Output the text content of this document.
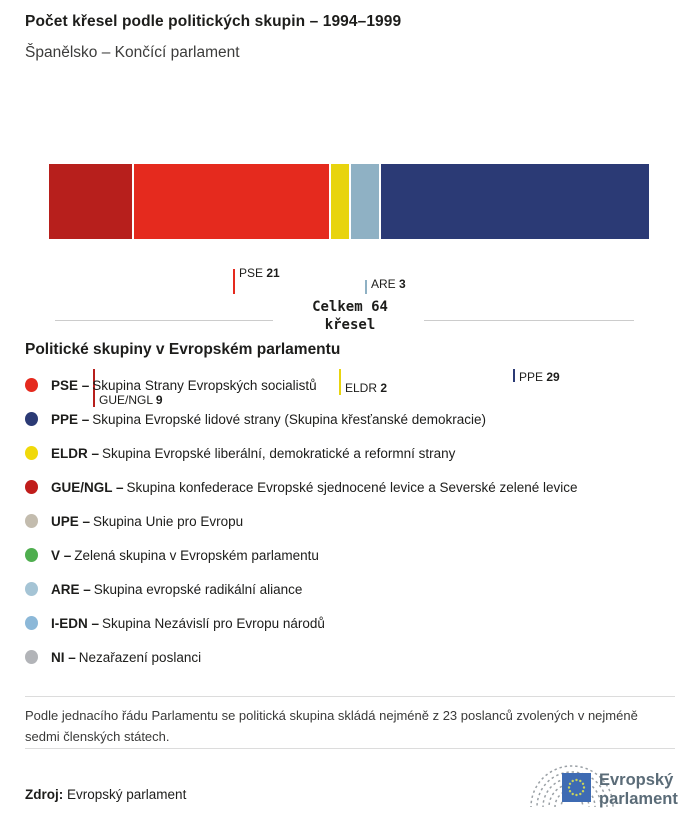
Počet křesel podle politických skupin – 1994–1999
Španělsko – Končící parlament
PSE 21
ARE 3
GUE/NGL 9
ELDR 2
PPE 29
Celkem 64
křesel
Politické skupiny v Evropském parlamentu
PSE – Skupina Strany Evropských socialistů
PPE – Skupina Evropské lidové strany (Skupina křesťanské demokracie)
ELDR – Skupina Evropské liberální, demokratické a reformní strany
GUE/NGL – Skupina konfederace Evropské sjednocené levice a Severské zelené levice
UPE – Skupina Unie pro Evropu
V – Zelená skupina v Evropském parlamentu
ARE – Skupina evropské radikální aliance
I-EDN – Skupina Nezávislí pro Evropu národů
NI – Nezařazení poslanci
Podle jednacího řádu Parlamentu se politická skupina skládá nejméně z 23 poslanců zvolených v nejméně sedmi členských státech.
Zdroj: Evropský parlament
Evropský parlament
